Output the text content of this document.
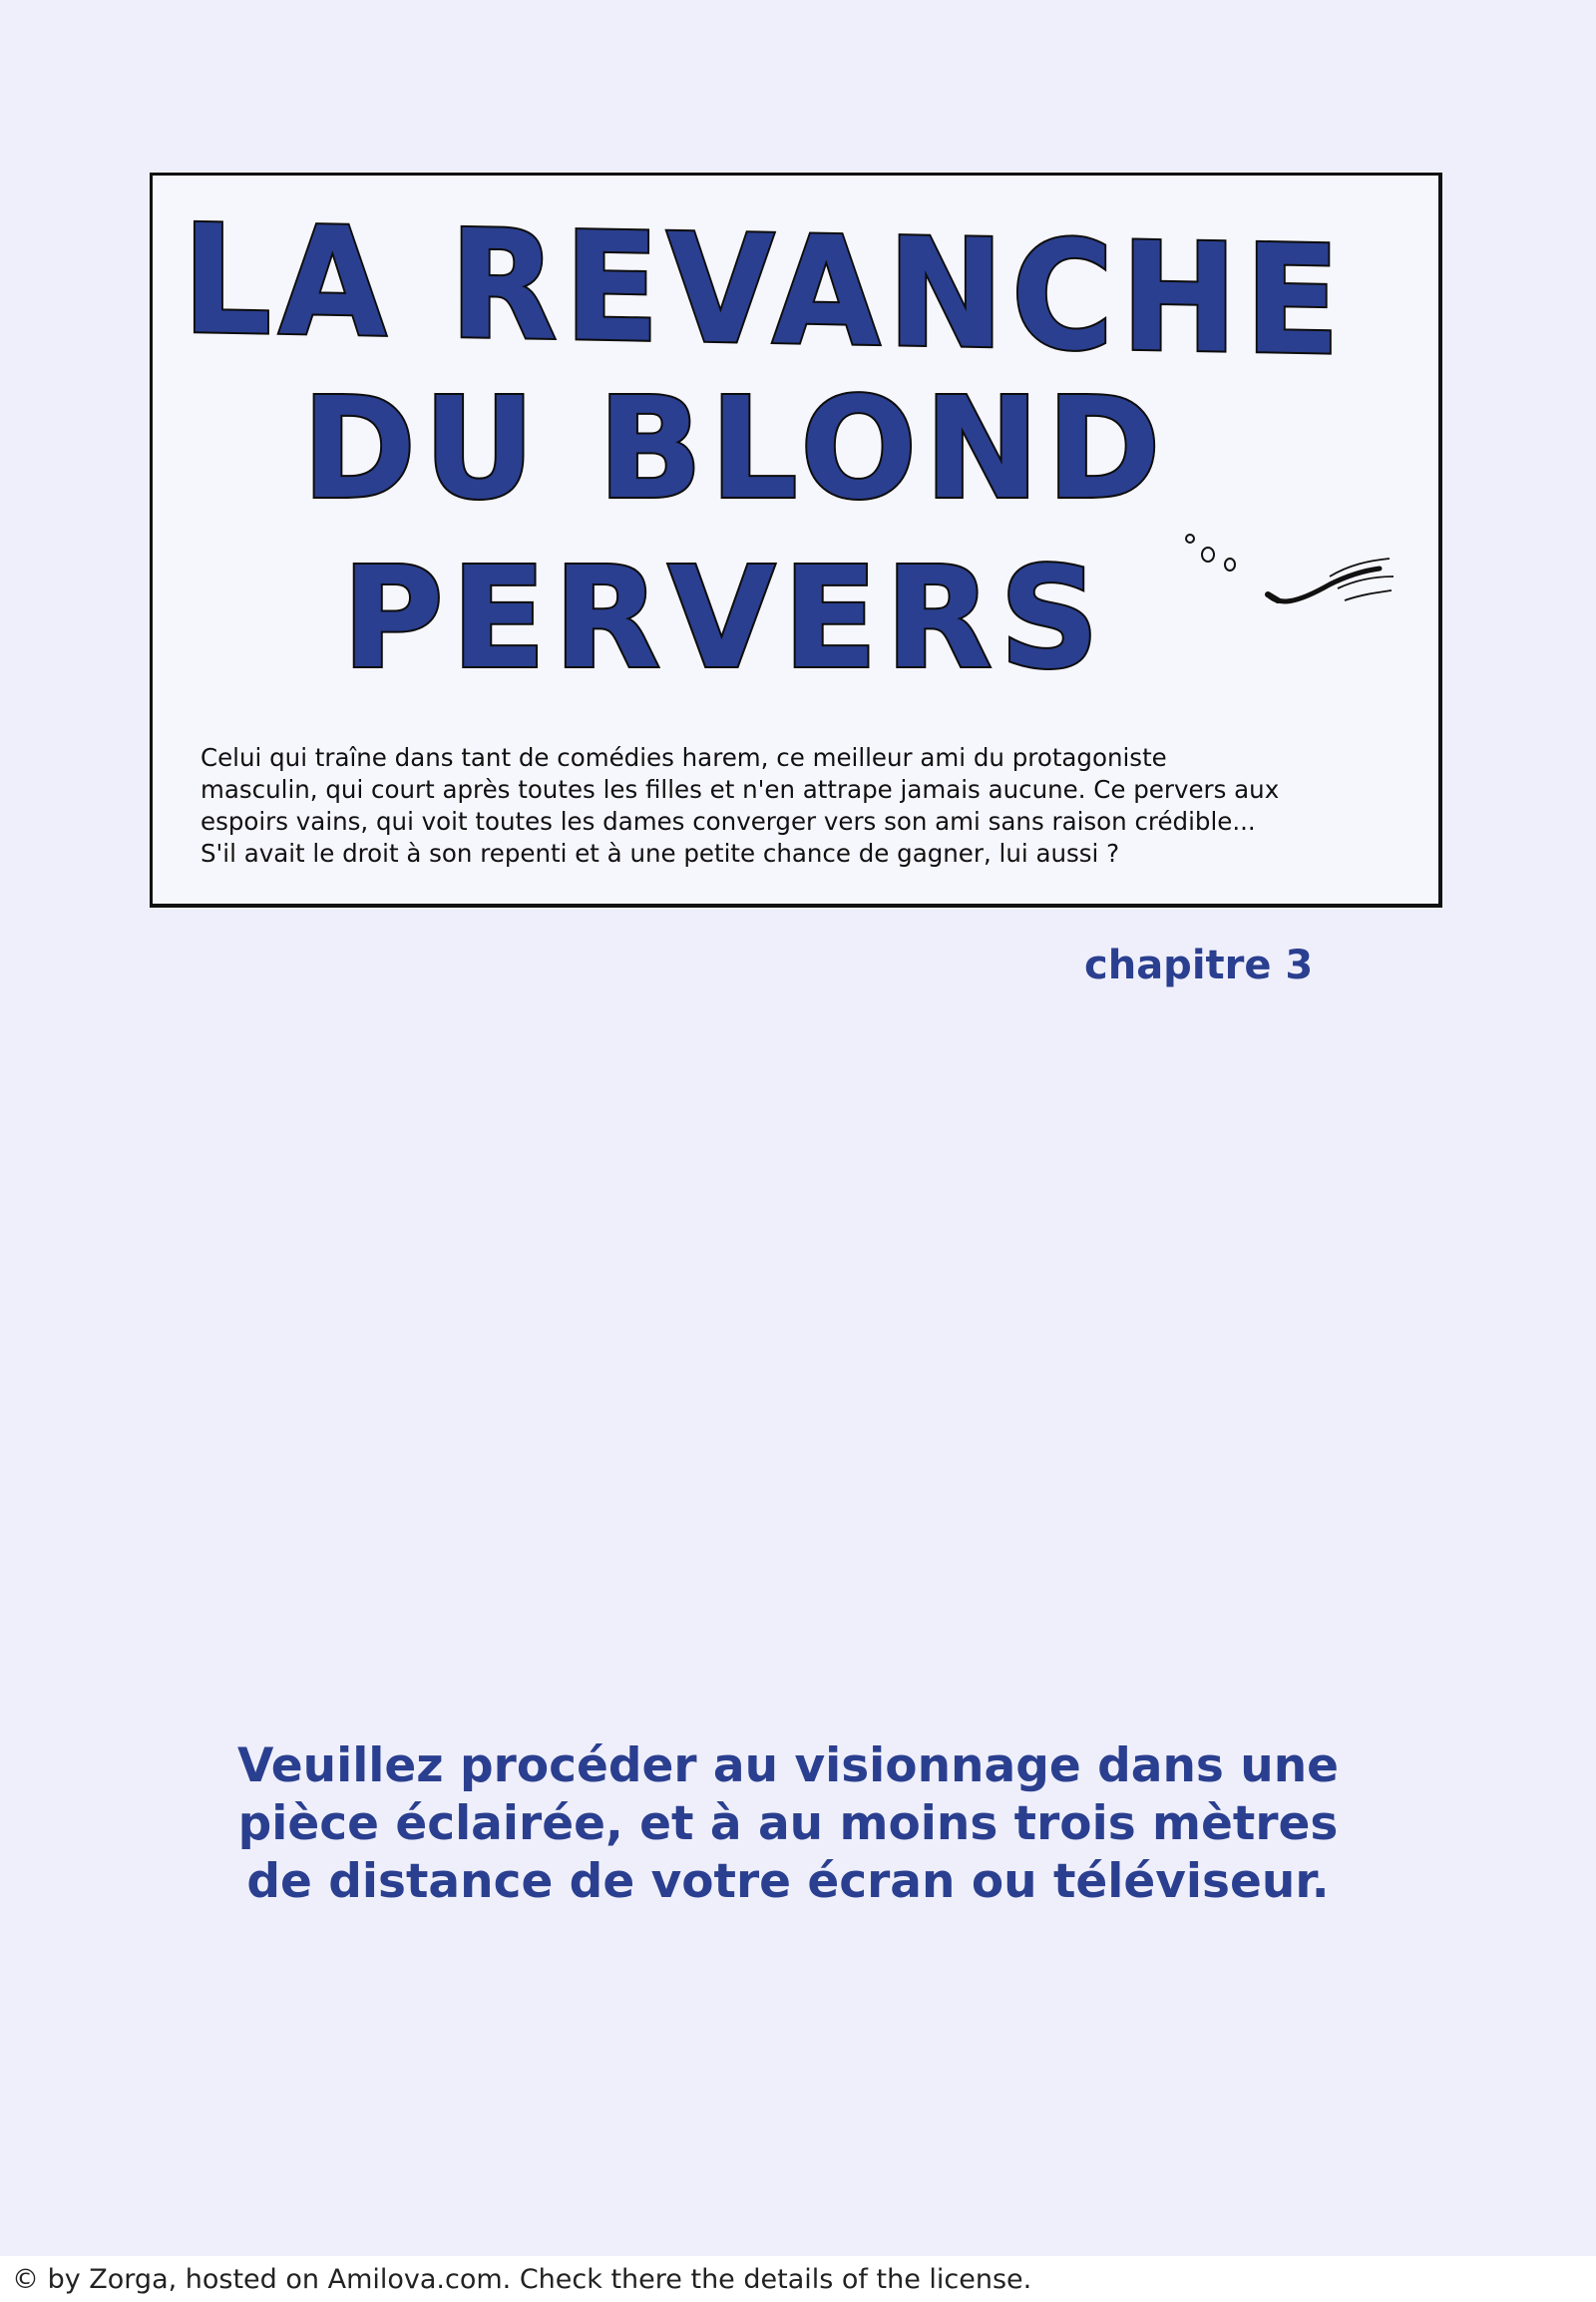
LA REVANCHE
DU BLOND
PERVERS
Celui qui traîne dans tant de comédies harem, ce meilleur ami du protagoniste
masculin, qui court après toutes les filles et n'en attrape jamais aucune. Ce pervers aux
espoirs vains, qui voit toutes les dames converger vers son ami sans raison crédible...
S'il avait le droit à son repenti et à une petite chance de gagner, lui aussi ?
chapitre 3
Veuillez procéder au visionnage dans une
pièce éclairée, et à au moins trois mètres
de distance de votre écran ou téléviseur.
© by Zorga, hosted on Amilova.com. Check there the details of the license.
